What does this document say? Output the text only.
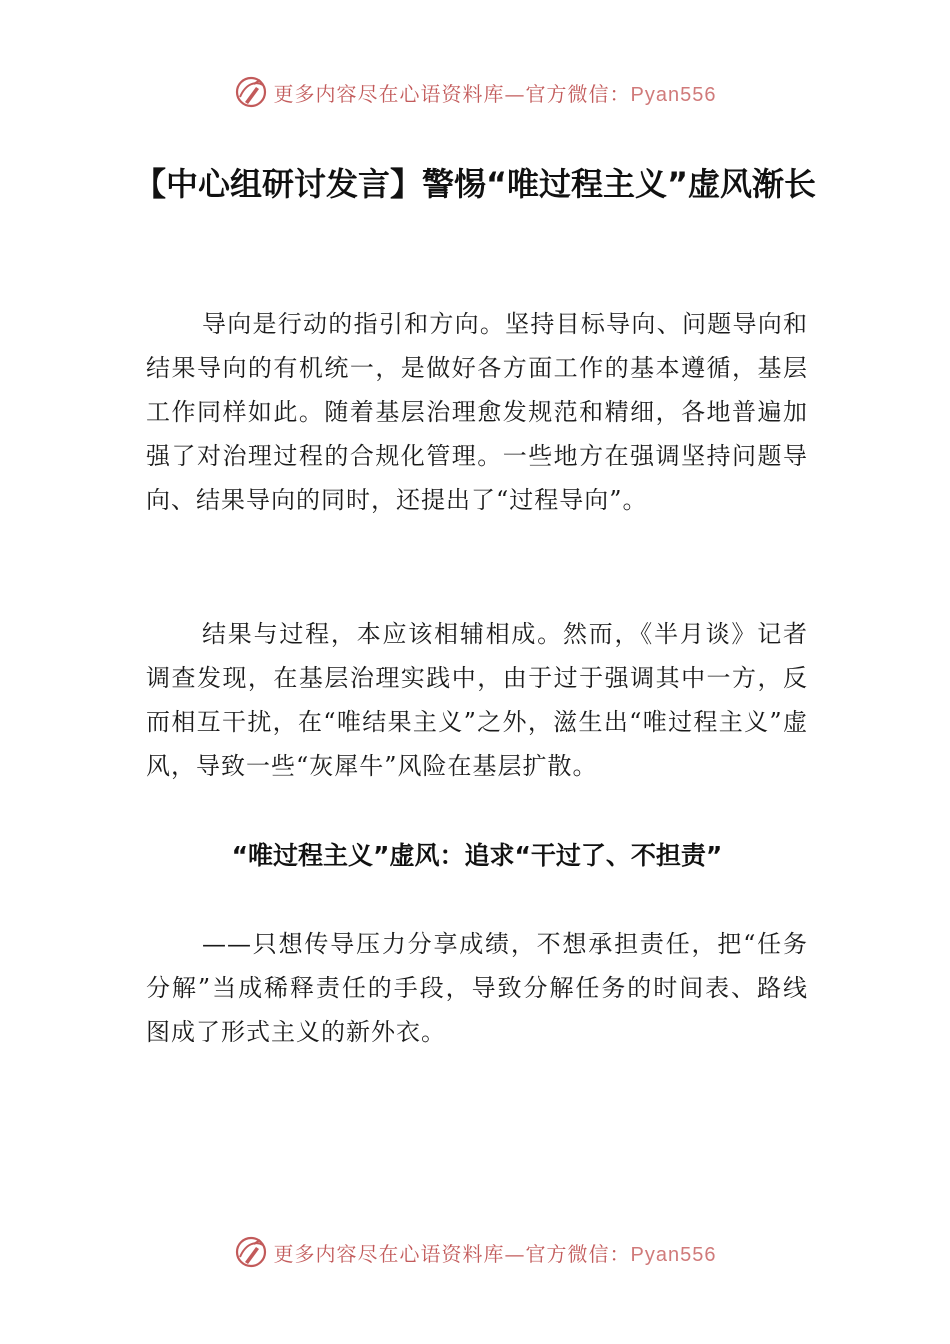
更多内容尽在心语资料库—官方微信：Pyan556
【中心组研讨发言】警惕“唯过程主义”虚风渐长

导向是行动的指引和方向。坚持目标导向、问题导向和结果导向的有机统一，是做好各方面工作的基本遵循，基层工作同样如此。随着基层治理愈发规范和精细，各地普遍加强了对治理过程的合规化管理。一些地方在强调坚持问题导向、结果导向的同时，还提出了“过程导向”。

结果与过程，本应该相辅相成。然而，《半月谈》记者调查发现，在基层治理实践中，由于过于强调其中一方，反而相互干扰，在“唯结果主义”之外，滋生出“唯过程主义”虚风，导致一些“灰犀牛”风险在基层扩散。

“唯过程主义”虚风：追求“干过了、不担责”

——只想传导压力分享成绩，不想承担责任，把“任务分解”当成稀释责任的手段，导致分解任务的时间表、路线图成了形式主义的新外衣。

更多内容尽在心语资料库—官方微信：Pyan556
